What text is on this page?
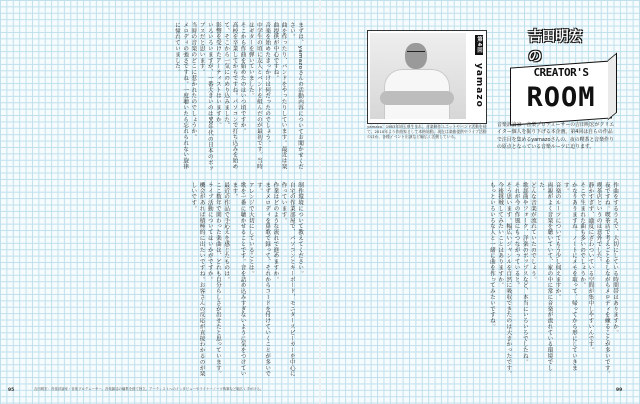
まずは、yamazoさんの活動内容についてお聞かせください。

曲を作ったり、バンドをやったりしています。最近は楽曲提供が中心ですね。

音楽を始めたきっかけは何だったのでしょう。

中学生の頃に友人とバンドを組んだのが最初です。当時はギターを弾いていました。

そこから作曲を始めたのはいつ頃ですか。

高校を卒業してからですね。パソコンで打ち込みを始めて、そこから一気にのめり込みました。

影響を受けたアーティストはいますか。

いろいろいますが、一番大きいのは90年代の日本のポップスだと思います。

当時の音楽のどこに惹かれたのでしょうか。

メロディの強さですね。一度聴いたら忘れられない旋律に憧れていました。

制作環境について教えてください。

自宅の作業部屋で、パソコンとキーボード、モニタースピーカーを中心に作っています。

作業はどのような流れで進めますか。

まずメロディを鼻歌で録って、それからコードを付けていくことが多いです。

アレンジで大切にしていることは。

歌を一番に聴かせることです。音を詰め込みすぎないように気をつけています。

最近の作品で手応えを感じたものは。

ここ数年で関わった楽曲は、どれも自分らしさが出せたと思っています。

ライブ活動についてはいかがですか。

機会があれば積極的に出たいですね。お客さんの反応が直接わかるのが楽しいです。

吉田明宏：音楽評論家・音楽プロデューサー。音楽雑誌の編集を経て独立。アーティストへのインタビューやライナーノーツ執筆など幅広く手がける。
95

作曲をするうえで、大切にしている時間帯はありますか。

夜ですね。喫茶店で考えごとをしながらメロディを練ることが多いです。

喫茶店というのは意外でした。

静かすぎず、適度にざわついている空間が集中しやすいんです。

そこで生まれた曲も多いのでしょうか。

かなりありますね。ノートにメモを取って、帰ってから形にしていきます。

音楽のルーツについてもう少し伺えますか。

両親がよく音楽を聴いていて、家の中に常に音楽が流れている環境でした。

どんな音楽が流れていたのでしょう。

歌謡曲やフォーク、洋楽のポップスなど、本当にいろいろでしたね。

それが今の作風にもつながっていると。

そう思います。幅広いジャンルを自然に吸収できたのは大きかったです。

今後挑戦してみたいことはありますか。

もっといろいろな人と一緒に曲を作ってみたいですね。

99
第4回 yamazo
yamazo：1983年埼玉県生まれ。音楽制作ユニットやバンド活動を経て、2010年より作曲家として本格始動。現在は楽曲提供やライブ活動のほか、各種イベント出演など幅広く活動している。
吉田明宏の
CREATOR'S
ROOM
音楽評論家・音楽プロデューサーの吉田明宏がクリエイター個人を掘り下げる本企画。第4回は自らの作品で注目を集めるyamazoさんの、夜の喫茶と音楽作りの原点となっている音楽ルーツに迫ります。
